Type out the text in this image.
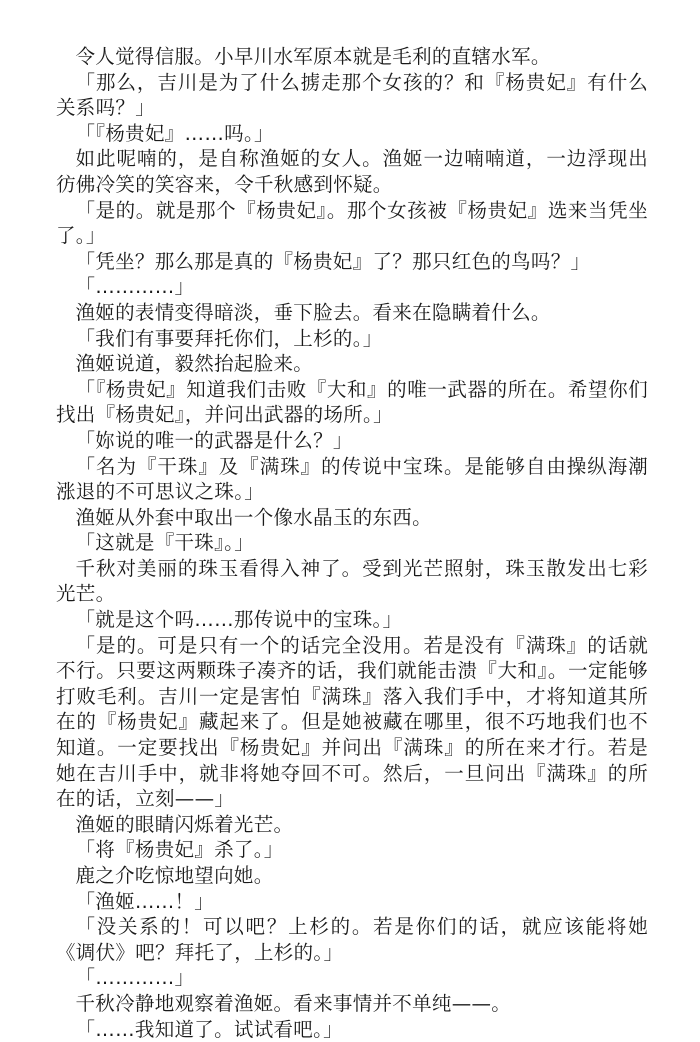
令人觉得信服。小早川水军原本就是毛利的直辖水军。

「那么，吉川是为了什么掳走那个女孩的？和『杨贵妃』有什么关系吗？」

「『杨贵妃』……吗。」

如此呢喃的，是自称渔姬的女人。渔姬一边喃喃道，一边浮现出彷佛冷笑的笑容来，令千秋感到怀疑。

「是的。就是那个『杨贵妃』。那个女孩被『杨贵妃』选来当凭坐了。」

「凭坐？那么那是真的『杨贵妃』了？那只红色的鸟吗？」

「…………」

渔姬的表情变得暗淡，垂下脸去。看来在隐瞒着什么。

「我们有事要拜托你们，上杉的。」

渔姬说道，毅然抬起脸来。

「『杨贵妃』知道我们击败『大和』的唯一武器的所在。希望你们找出『杨贵妃』，并问出武器的场所。」

「妳说的唯一的武器是什么？」

「名为『干珠』及『满珠』的传说中宝珠。是能够自由操纵海潮涨退的不可思议之珠。」

渔姬从外套中取出一个像水晶玉的东西。

「这就是『干珠』。」

千秋对美丽的珠玉看得入神了。受到光芒照射，珠玉散发出七彩光芒。

「就是这个吗……那传说中的宝珠。」

「是的。可是只有一个的话完全没用。若是没有『满珠』的话就不行。只要这两颗珠子凑齐的话，我们就能击溃『大和』。一定能够打败毛利。吉川一定是害怕『满珠』落入我们手中，才将知道其所在的『杨贵妃』藏起来了。但是她被藏在哪里，很不巧地我们也不知道。一定要找出『杨贵妃』并问出『满珠』的所在来才行。若是她在吉川手中，就非将她夺回不可。然后，一旦问出『满珠』的所在的话，立刻——」

渔姬的眼睛闪烁着光芒。

「将『杨贵妃』杀了。」

鹿之介吃惊地望向她。

「渔姬……！」

「没关系的！可以吧？上杉的。若是你们的话，就应该能将她《调伏》吧？拜托了，上杉的。」

「…………」

千秋冷静地观察着渔姬。看来事情并不单纯——。

「……我知道了。试试看吧。」
